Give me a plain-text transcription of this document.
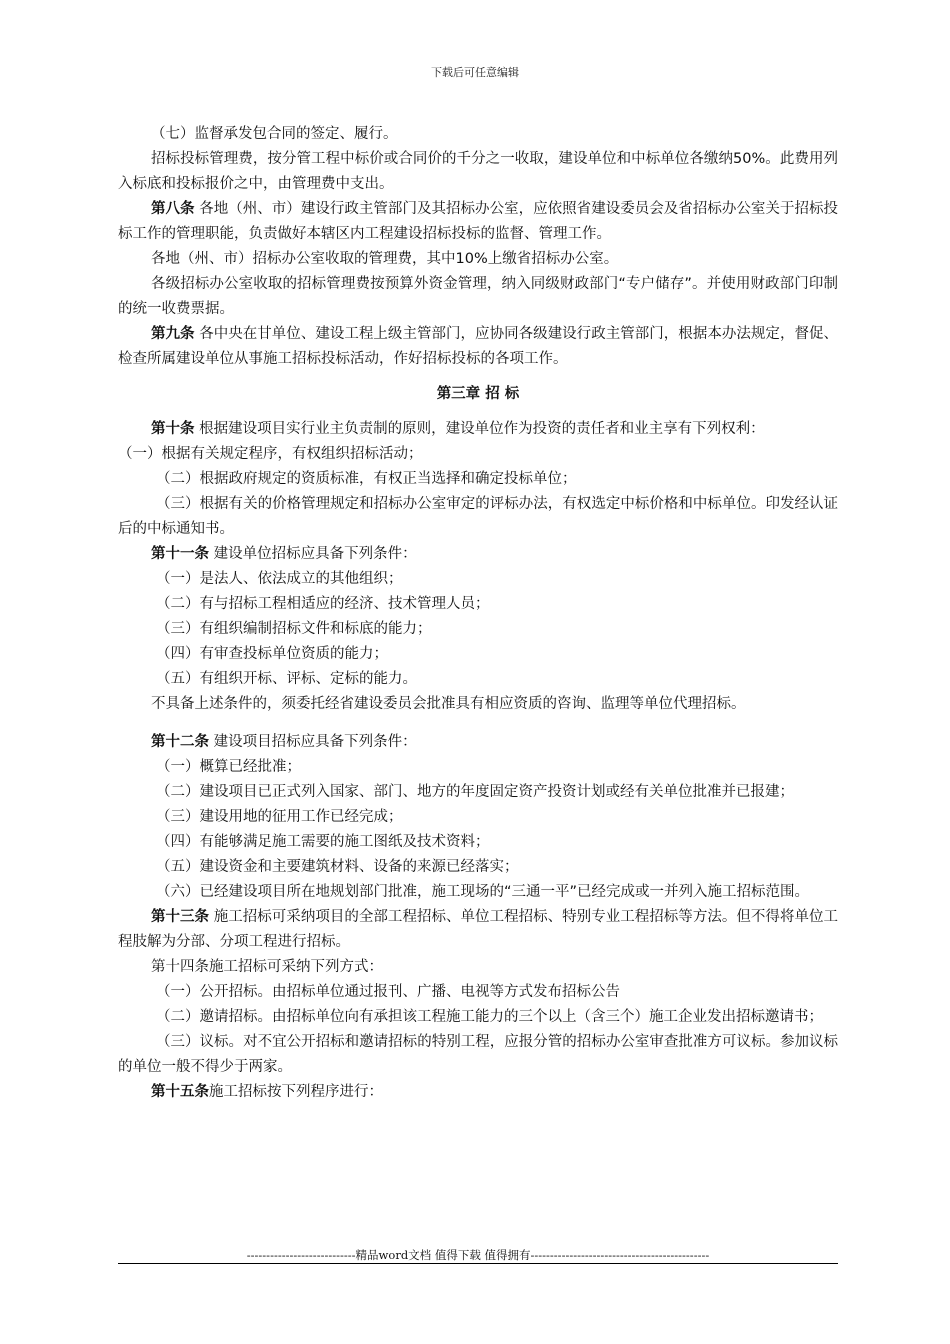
下载后可任意编辑

（七）监督承发包合同的签定、履行。

招标投标管理费，按分管工程中标价或合同价的千分之一收取，建设单位和中标单位各缴纳50%。此费用列入标底和投标报价之中，由管理费中支出。

第八条 各地（州、市）建设行政主管部门及其招标办公室，应依照省建设委员会及省招标办公室关于招标投标工作的管理职能，负责做好本辖区内工程建设招标投标的监督、管理工作。

各地（州、市）招标办公室收取的管理费，其中10%上缴省招标办公室。

各级招标办公室收取的招标管理费按预算外资金管理，纳入同级财政部门“专户储存”。并使用财政部门印制的统一收费票据。

第九条 各中央在甘单位、建设工程上级主管部门，应协同各级建设行政主管部门，根据本办法规定，督促、检查所属建设单位从事施工招标投标活动，作好招标投标的各项工作。

第三章 招 标

第十条 根据建设项目实行业主负责制的原则，建设单位作为投资的责任者和业主享有下列权利：

（一）根据有关规定程序，有权组织招标活动；

（二）根据政府规定的资质标准，有权正当选择和确定投标单位；

（三）根据有关的价格管理规定和招标办公室审定的评标办法，有权选定中标价格和中标单位。印发经认证后的中标通知书。

第十一条 建设单位招标应具备下列条件：

（一）是法人、依法成立的其他组织；

（二）有与招标工程相适应的经济、技术管理人员；

（三）有组织编制招标文件和标底的能力；

（四）有审查投标单位资质的能力；

（五）有组织开标、评标、定标的能力。

不具备上述条件的，须委托经省建设委员会批准具有相应资质的咨询、监理等单位代理招标。

第十二条 建设项目招标应具备下列条件：

（一）概算已经批准；

（二）建设项目已正式列入国家、部门、地方的年度固定资产投资计划或经有关单位批准并已报建；

（三）建设用地的征用工作已经完成；

（四）有能够满足施工需要的施工图纸及技术资料；

（五）建设资金和主要建筑材料、设备的来源已经落实；

（六）已经建设项目所在地规划部门批准，施工现场的“三通一平”已经完成或一并列入施工招标范围。

第十三条 施工招标可采纳项目的全部工程招标、单位工程招标、特别专业工程招标等方法。但不得将单位工程肢解为分部、分项工程进行招标。

第十四条施工招标可采纳下列方式：

（一）公开招标。由招标单位通过报刊、广播、电视等方式发布招标公告

（二）邀请招标。由招标单位向有承担该工程施工能力的三个以上（含三个）施工企业发出招标邀请书；

（三）议标。对不宜公开招标和邀请招标的特别工程，应报分管的招标办公室审查批准方可议标。参加议标的单位一般不得少于两家。

第十五条施工招标按下列程序进行：

----------------------------精品word文档 值得下载 值得拥有----------------------------------------------
